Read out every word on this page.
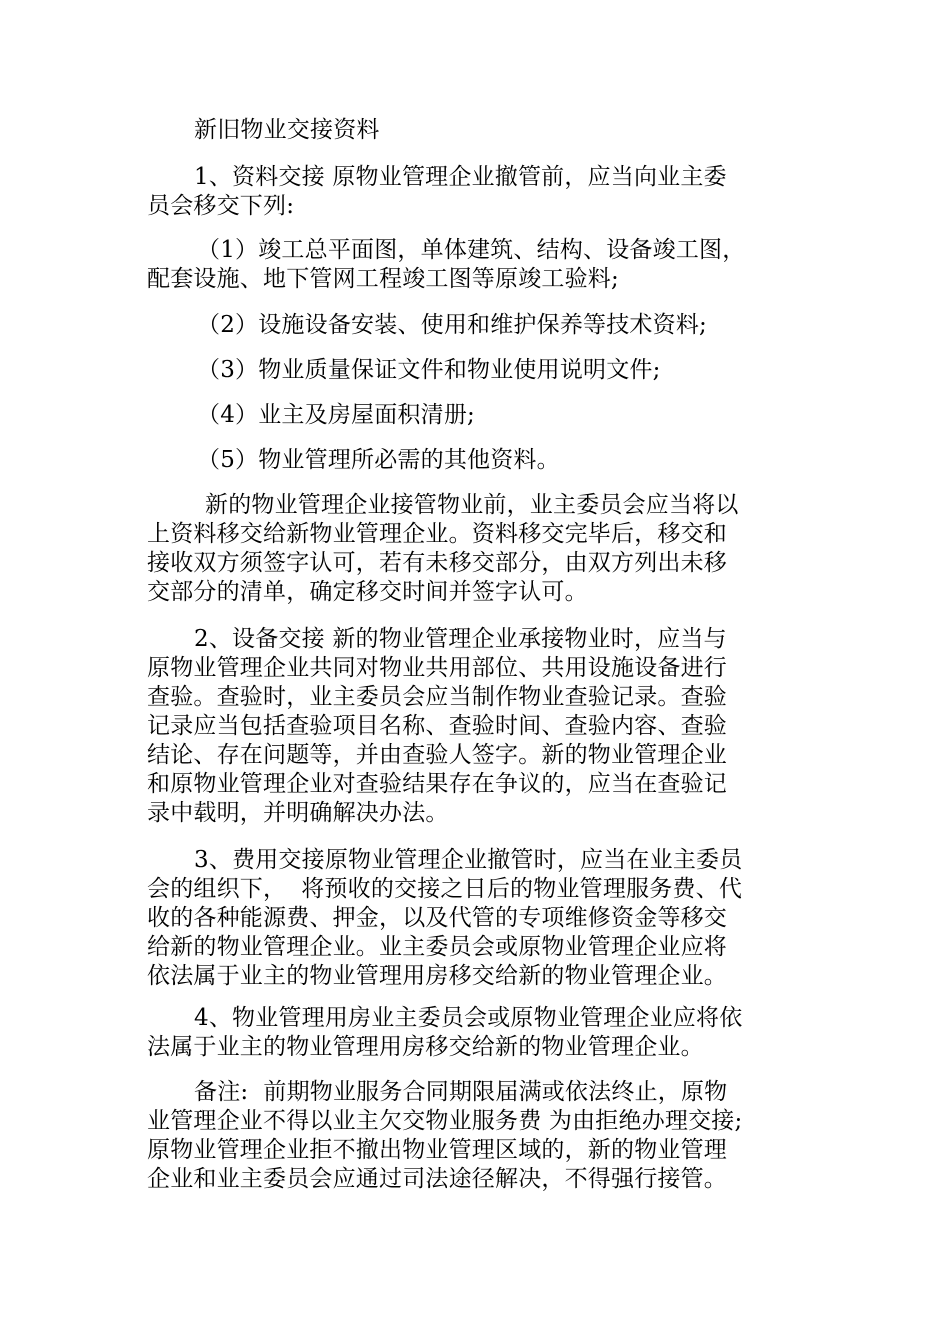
新旧物业交接资料
1、资料交接 原物业管理企业撤管前，应当向业主委
员会移交下列:
（1）竣工总平面图，单体建筑、结构、设备竣工图，
配套设施、地下管网工程竣工图等原竣工验料;
（2）设施设备安装、使用和维护保养等技术资料;
（3）物业质量保证文件和物业使用说明文件;
（4）业主及房屋面积清册;
（5）物业管理所必需的其他资料。
新的物业管理企业接管物业前，业主委员会应当将以
上资料移交给新物业管理企业。资料移交完毕后，移交和
接收双方须签字认可，若有未移交部分，由双方列出未移
交部分的清单，确定移交时间并签字认可。
2、设备交接 新的物业管理企业承接物业时，应当与
原物业管理企业共同对物业共用部位、共用设施设备进行
查验。查验时，业主委员会应当制作物业查验记录。查验
记录应当包括查验项目名称、查验时间、查验内容、查验
结论、存在问题等，并由查验人签字。新的物业管理企业
和原物业管理企业对查验结果存在争议的，应当在查验记
录中载明，并明确解决办法。
3、费用交接原物业管理企业撤管时，应当在业主委员
会的组织下，  将预收的交接之日后的物业管理服务费、代
收的各种能源费、押金，以及代管的专项维修资金等移交
给新的物业管理企业。业主委员会或原物业管理企业应将
依法属于业主的物业管理用房移交给新的物业管理企业。
4、物业管理用房业主委员会或原物业管理企业应将依
法属于业主的物业管理用房移交给新的物业管理企业。
备注:  前期物业服务合同期限届满或依法终止，原物
业管理企业不得以业主欠交物业服务费 为由拒绝办理交接;
原物业管理企业拒不撤出物业管理区域的，新的物业管理
企业和业主委员会应通过司法途径解决，不得强行接管。
